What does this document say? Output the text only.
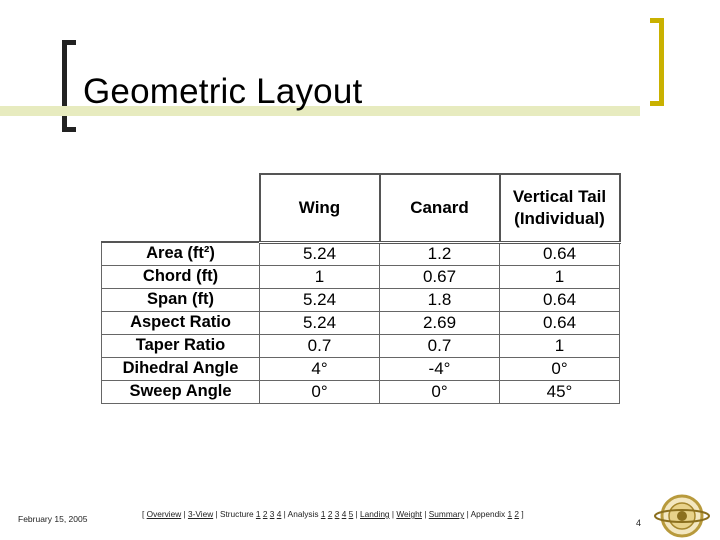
Geometric Layout
	Wing	Canard	Vertical Tail
(Individual)
Area (ft²)	5.24	1.2	0.64
Chord (ft)	1	0.67	1
Span (ft)	5.24	1.8	0.64
Aspect Ratio	5.24	2.69	0.64
Taper Ratio	0.7	0.7	1
Dihedral Angle	4°	-4°	0°
Sweep Angle	0°	0°	45°
February 15, 2005	[ Overview | 3-View | Structure 1 2 3 4 | Analysis 1 2 3 4 5 | Landing | Weight | Summary | Appendix 1 2 ]
4
